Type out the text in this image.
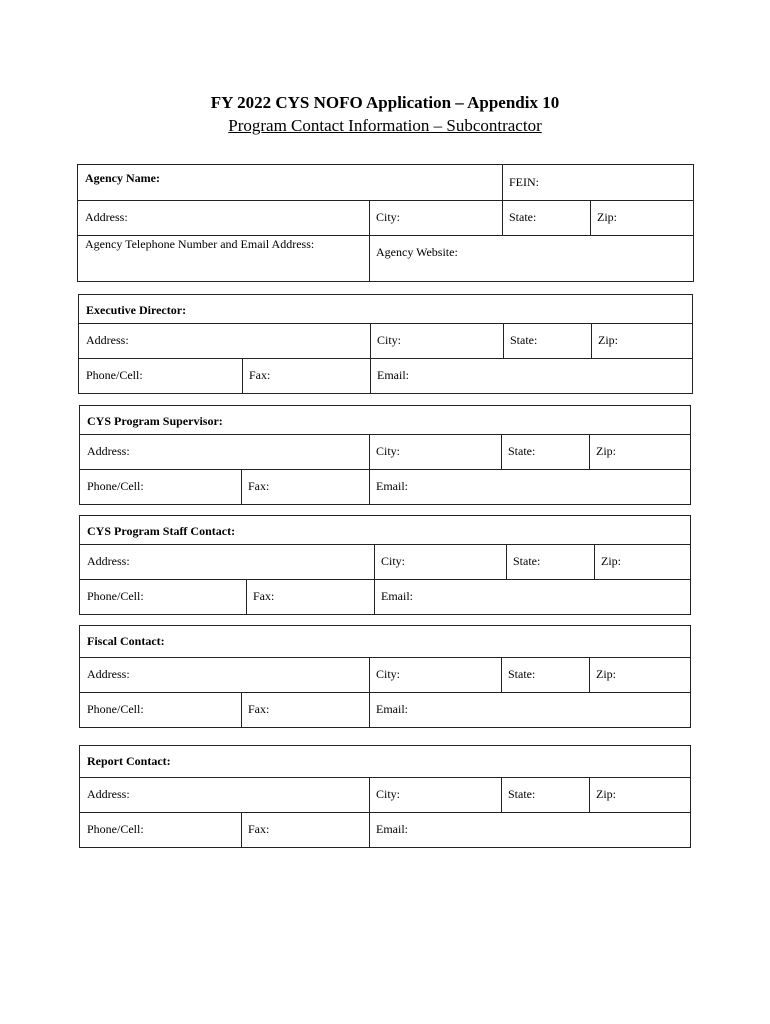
FY 2022 CYS NOFO Application – Appendix 10
Program Contact Information – Subcontractor
Agency Name:	FEIN:
Address:	City:	State:	Zip:
Agency Telephone Number and Email Address:
Agency Website:
Executive Director:
Address:	City:	State:	Zip:
Phone/Cell:	Fax:	Email:
CYS Program Supervisor:
Address:	City:	State:	Zip:
Phone/Cell:	Fax:	Email:
CYS Program Staff Contact:
Address:	City:	State:	Zip:
Phone/Cell:	Fax:	Email:
Fiscal Contact:
Address:	City:	State:	Zip:
Phone/Cell:	Fax:	Email:
Report Contact:
Address:	City:	State:	Zip:
Phone/Cell:	Fax:	Email:
